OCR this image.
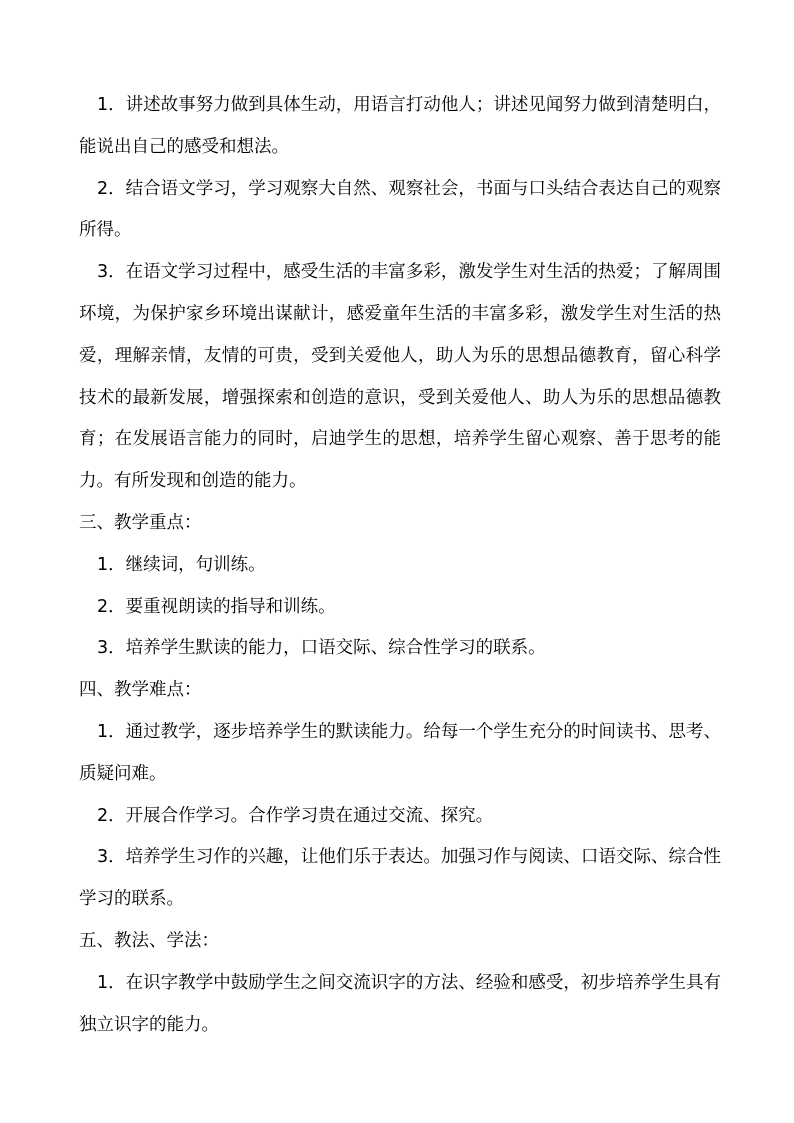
1．讲述故事努力做到具体生动，用语言打动他人；讲述见闻努力做到清楚明白，能说出自己的感受和想法。

2．结合语文学习，学习观察大自然、观察社会，书面与口头结合表达自己的观察所得。

3．在语文学习过程中，感受生活的丰富多彩，激发学生对生活的热爱；了解周围环境，为保护家乡环境出谋献计，感爱童年生活的丰富多彩，激发学生对生活的热爱，理解亲情，友情的可贵，受到关爱他人，助人为乐的思想品德教育，留心科学技术的最新发展，增强探索和创造的意识，受到关爱他人、助人为乐的思想品德教育；在发展语言能力的同时，启迪学生的思想，培养学生留心观察、善于思考的能力。有所发现和创造的能力。

三、教学重点：

1．继续词，句训练。

2．要重视朗读的指导和训练。

3．培养学生默读的能力，口语交际、综合性学习的联系。

四、教学难点：

1．通过教学，逐步培养学生的默读能力。给每一个学生充分的时间读书、思考、质疑问难。

2．开展合作学习。合作学习贵在通过交流、探究。

3．培养学生习作的兴趣，让他们乐于表达。加强习作与阅读、口语交际、综合性学习的联系。

五、教法、学法：

1．在识字教学中鼓励学生之间交流识字的方法、经验和感受，初步培养学生具有独立识字的能力。
